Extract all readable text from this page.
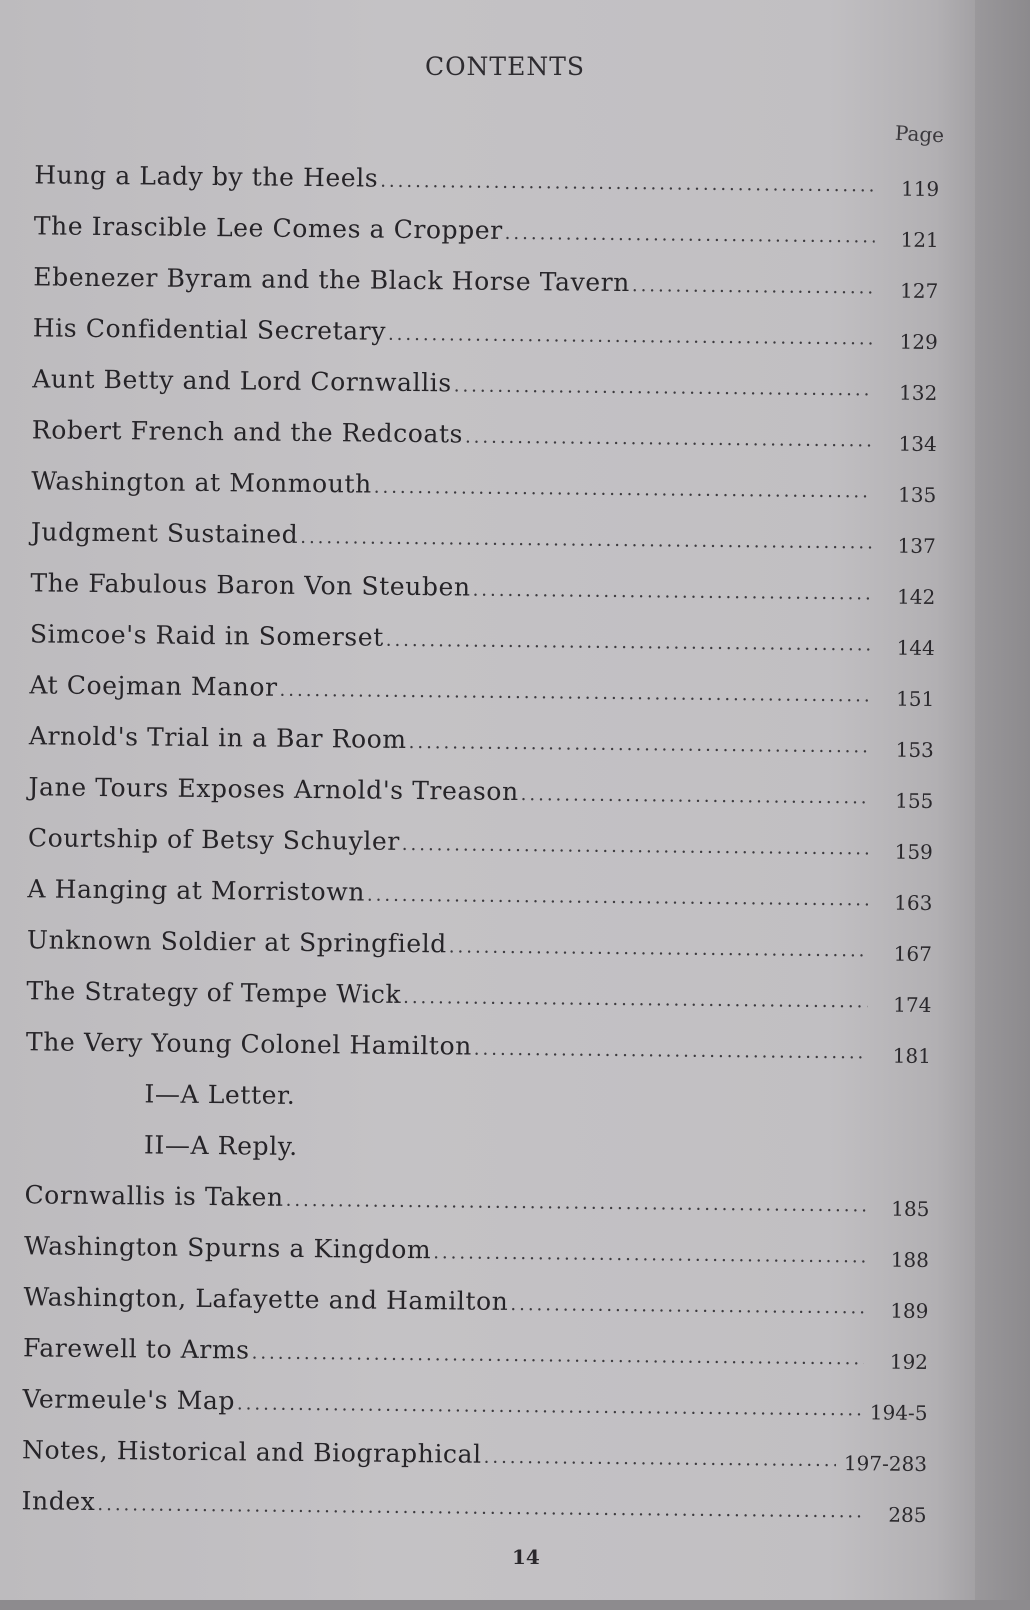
CONTENTS
Page
Hung a Lady by the Heels .....	119
The Irascible Lee Comes a Cropper .....	121
Ebenezer Byram and the Black Horse Tavern .....	127
His Confidential Secretary .....	129
Aunt Betty and Lord Cornwallis .....	132
Robert French and the Redcoats .....	134
Washington at Monmouth .....	135
Judgment Sustained .....	137
The Fabulous Baron Von Steuben .....	142
Simcoe's Raid in Somerset .....	144
At Coejman Manor .....	151
Arnold's Trial in a Bar Room .....	153
Jane Tours Exposes Arnold's Treason .....	155
Courtship of Betsy Schuyler .....	159
A Hanging at Morristown .....	163
Unknown Soldier at Springfield .....	167
The Strategy of Tempe Wick .....	174
The Very Young Colonel Hamilton .....	181
I—A Letter.
II—A Reply.
Cornwallis is Taken .....	185
Washington Spurns a Kingdom .....	188
Washington, Lafayette and Hamilton .....	189
Farewell to Arms .....	192
Vermeule's Map .....	194-5
Notes, Historical and Biographical .....	197-283
Index .....	285
14
